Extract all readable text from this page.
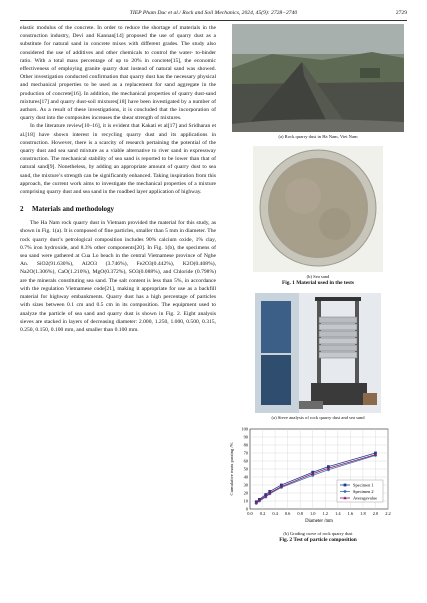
TIEP Pham Duc et al./ Rock and Soil Mechanics, 2024, 45(9): 2728−2740	2729

elastic modulus of the concrete. In order to reduce the shortage of materials in the construction industry, Devi and Kannan[14] proposed the use of quarry dust as a substitute for natural sand in concrete mixes with different grades. The study also considered the use of additives and other chemicals to control the water- to-binder ratio. With a total mass percentage of up to 20% in concrete[15], the economic effectiveness of employing granite quarry dust instead of natural sand was showed. Other investigation conducted confirmation that quarry dust has the necessary physical and mechanical properties to be used as a replacement for sand aggregate in the production of concrete[16]. In addition, the mechanical properties of quarry dust-sand mixtures[17] and quarry dust-soil mixtures[18] have been investigated by a number of authors. As a result of these investigations, it is concluded that the incorporation of quarry dust into the composites increases the shear strength of mixtures.

In the literature review[10–16], it is evident that Kakati et al[17] and Sridharan et al.[18] have shown interest in recycling quarry dust and its applications in construction. However, there is a scarcity of research pertaining the potential of the quarry dust and sea sand mixture as a viable alternative to river sand in expressway construction. The mechanical stability of sea sand is reported to be lower than that of natural sand[9]. Nonetheless, by adding an appropriate amount of quarry dust to sea sand, the mixture’s strength can be significantly enhanced. Taking inspiration from this approach, the current work aims to investigate the mechanical properties of a mixture comprising quarry dust and sea sand in the roadbed layer application of highway.

2 Materials and methodology

The Ha Nam rock quarry dust in Vietnam provided the material for this study, as shown in Fig. 1(a). It is composed of fine particles, smaller than 5 mm in diameter. The rock quarry dust’s petrological composition includes 90% calcium oxide, 1% clay, 0.7% iron hydroxide, and 8.3% other components[20]. In Fig. 1(b), the specimens of sea sand were gathered at Cua Lo beach in the central Vietnamese province of Nghe An. SiO2(91.630%), Al2O3 (3.746%), Fe2O3(0.442%), K2O(0.408%), Na2O(1.306%), CaO(1.210%), MgO(0.372%), SO3(0.088%), and Chloride (0.798%) are the minerals constituting sea sand. The salt content is less than 5%, in accordance with the regulation Vietnamese code[21], making it appropriate for use as a backfill material for highway embankments. Quarry dust has a high percentage of particles with sizes between 0.1 cm and 0.5 cm in its composition. The equipment used to analyze the particle of sea sand and quarry dust is shown in Fig. 2. Eight analysis sieves are stacked in layers of decreasing diameter: 2.000, 1.250, 1.000, 0.500, 0.315, 0.250, 0.150, 0.100 mm, and smaller than 0.100 mm.

(a) Rock quarry dust in Ha Nam, Viet Nam
(b) Sea sand
Fig. 1 Material used in the tests
(a) Sieve analysis of rock quarry dust and sea sand
0
10
20
30
40
50
60
70
80
90
100
0.0 0.2 0.4 0.6 0.8 1.0 1.2 1.4 1.6 1.8 2.0 2.2
Diameter /mm
Cumulative mass passing /%	Specimen 1
Specimen 2
Averagevalue
(b) Grading curve of rock quarry dust
Fig. 2 Test of particle composition
